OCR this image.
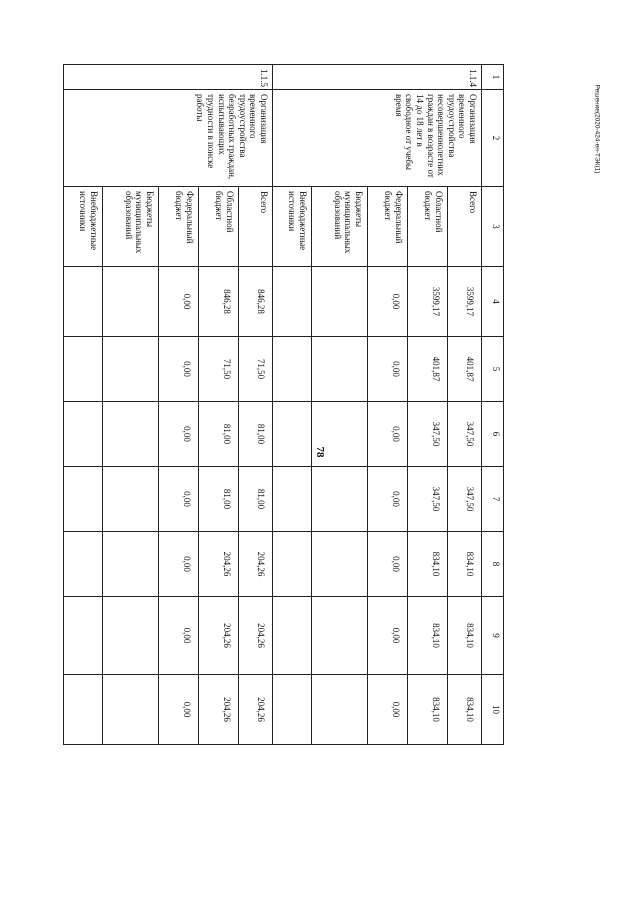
78
Решение(2020-424-ен-ТЭК(1)
1
2
3
4
5
6
7
8
9
10
1.1.4
Организация временного трудоустройства несовершеннолетних граждан в возрасте от 14 до 18 лет в свободное от учебы время
Всего
3599,17
401,87
347,50
347,50
834,10
834,10
834,10
Областной бюджет
3599,17
401,87
347,50
347,50
834,10
834,10
834,10
Федеральный бюджет
0,00
0,00
0,00
0,00
0,00
0,00
0,00
Бюджеты муниципальных образований
Внебюджетные источники
1.1.5
Организация временного трудоустройства безработных граждан, испытывающих трудности в поиске работы
Всего
846,28
71,50
81,00
81,00
204,26
204,26
204,26
Областной бюджет
846,28
71,50
81,00
81,00
204,26
204,26
204,26
Федеральный бюджет
0,00
0,00
0,00
0,00
0,00
0,00
0,00
Бюджеты муниципальных образований
Внебюджетные источники
